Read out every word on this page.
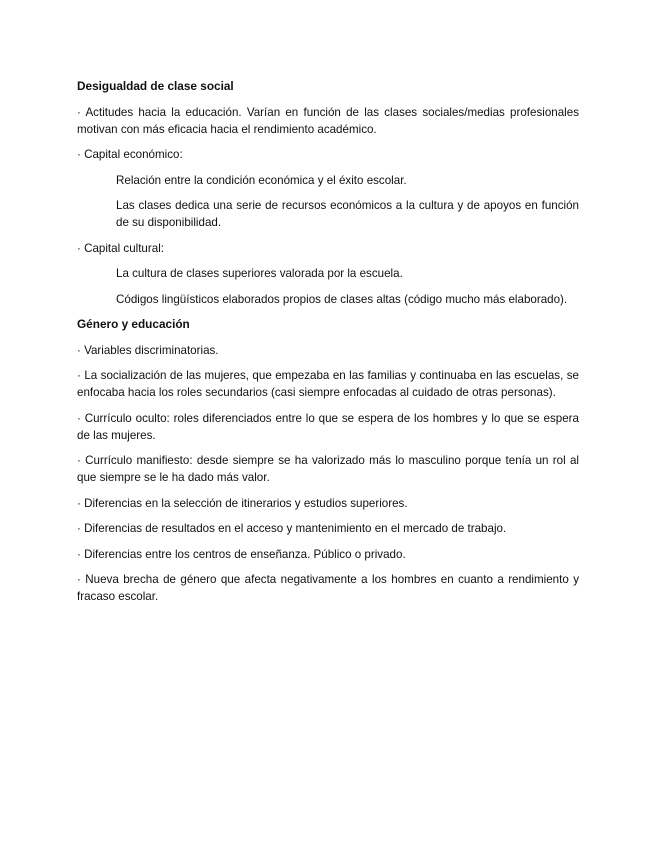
Desigualdad de clase social

· Actitudes hacia la educación. Varían en función de las clases sociales/medias profesionales motivan con más eficacia hacia el rendimiento académico.

· Capital económico:

Relación entre la condición económica y el éxito escolar.

Las clases dedica una serie de recursos económicos a la cultura y de apoyos en función de su disponibilidad.

· Capital cultural:

La cultura de clases superiores valorada por la escuela.

Códigos lingüísticos elaborados propios de clases altas (código mucho más elaborado).

Género y educación

· Variables discriminatorias.

· La socialización de las mujeres, que empezaba en las familias y continuaba en las escuelas, se enfocaba hacia los roles secundarios (casi siempre enfocadas al cuidado de otras personas).

· Currículo oculto: roles diferenciados entre lo que se espera de los hombres y lo que se espera de las mujeres.

· Currículo manifiesto: desde siempre se ha valorizado más lo masculino porque tenía un rol al que siempre se le ha dado más valor.

· Diferencias en la selección de itinerarios y estudios superiores.

· Diferencias de resultados en el acceso y mantenimiento en el mercado de trabajo.

· Diferencias entre los centros de enseñanza. Público o privado.

· Nueva brecha de género que afecta negativamente a los hombres en cuanto a rendimiento y fracaso escolar.
